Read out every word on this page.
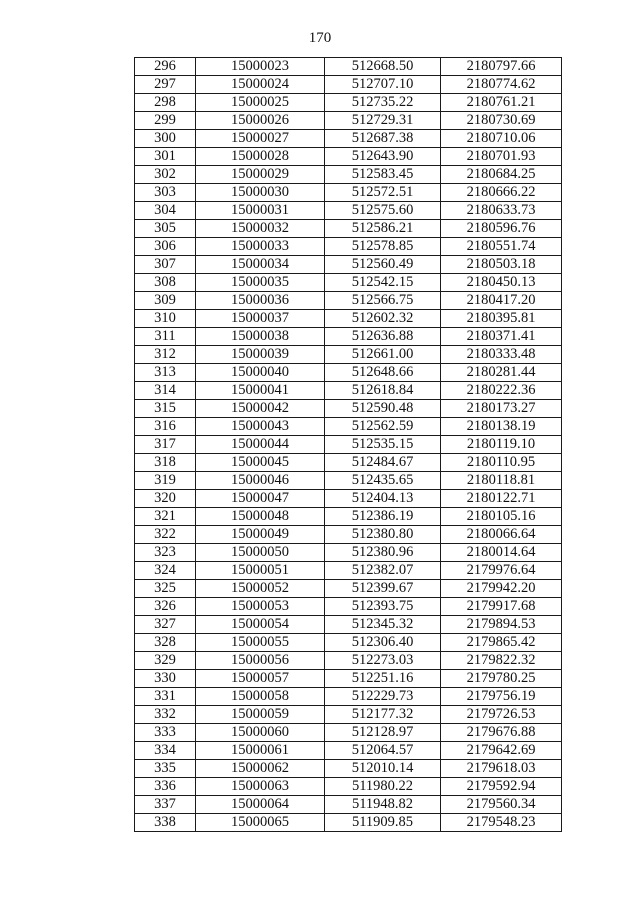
170
296	15000023	512668.50	2180797.66
297	15000024	512707.10	2180774.62
298	15000025	512735.22	2180761.21
299	15000026	512729.31	2180730.69
300	15000027	512687.38	2180710.06
301	15000028	512643.90	2180701.93
302	15000029	512583.45	2180684.25
303	15000030	512572.51	2180666.22
304	15000031	512575.60	2180633.73
305	15000032	512586.21	2180596.76
306	15000033	512578.85	2180551.74
307	15000034	512560.49	2180503.18
308	15000035	512542.15	2180450.13
309	15000036	512566.75	2180417.20
310	15000037	512602.32	2180395.81
311	15000038	512636.88	2180371.41
312	15000039	512661.00	2180333.48
313	15000040	512648.66	2180281.44
314	15000041	512618.84	2180222.36
315	15000042	512590.48	2180173.27
316	15000043	512562.59	2180138.19
317	15000044	512535.15	2180119.10
318	15000045	512484.67	2180110.95
319	15000046	512435.65	2180118.81
320	15000047	512404.13	2180122.71
321	15000048	512386.19	2180105.16
322	15000049	512380.80	2180066.64
323	15000050	512380.96	2180014.64
324	15000051	512382.07	2179976.64
325	15000052	512399.67	2179942.20
326	15000053	512393.75	2179917.68
327	15000054	512345.32	2179894.53
328	15000055	512306.40	2179865.42
329	15000056	512273.03	2179822.32
330	15000057	512251.16	2179780.25
331	15000058	512229.73	2179756.19
332	15000059	512177.32	2179726.53
333	15000060	512128.97	2179676.88
334	15000061	512064.57	2179642.69
335	15000062	512010.14	2179618.03
336	15000063	511980.22	2179592.94
337	15000064	511948.82	2179560.34
338	15000065	511909.85	2179548.23
